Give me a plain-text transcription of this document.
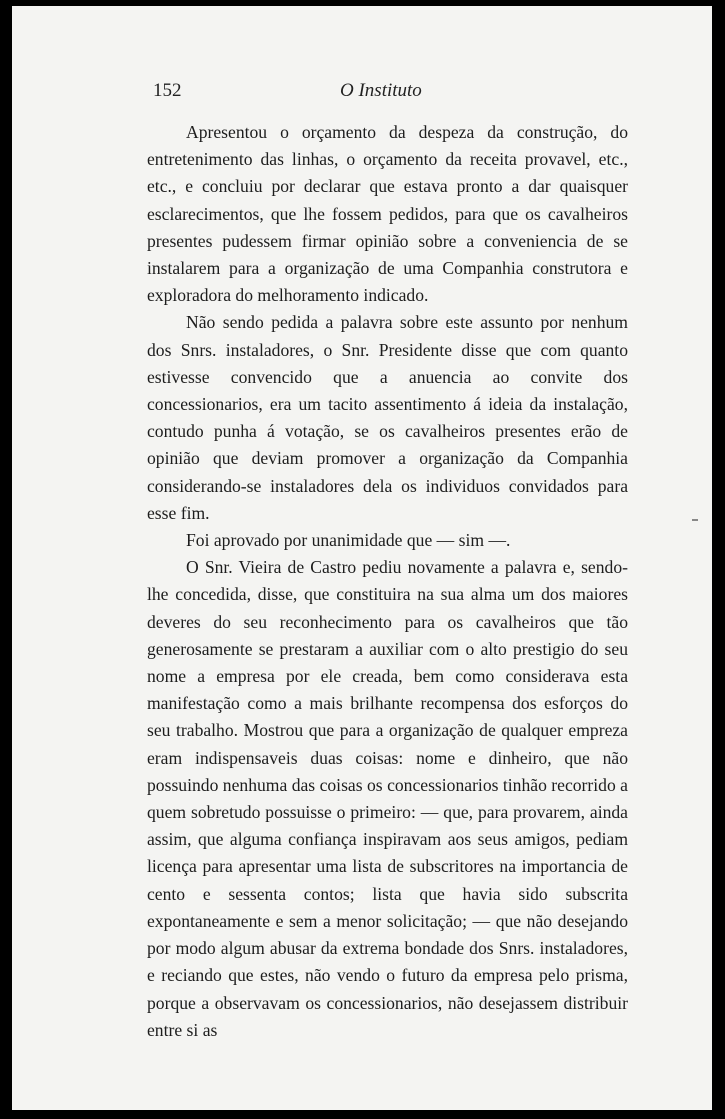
152	O Instituto

Apresentou o orçamento da despeza da construção, do entretenimento das linhas, o orçamento da receita provavel, etc., etc., e concluiu por declarar que estava pronto a dar quaisquer esclarecimentos, que lhe fossem pedidos, para que os cavalheiros presentes pudessem firmar opinião sobre a conveniencia de se instalarem para a organização de uma Companhia construtora e exploradora do melhoramento indicado.

Não sendo pedida a palavra sobre este assunto por nenhum dos Snrs. instaladores, o Snr. Presidente disse que com quanto estivesse convencido que a anuencia ao convite dos concessionarios, era um tacito assentimento á ideia da instalação, contudo punha á votação, se os cavalheiros presentes erão de opinião que deviam promover a organização da Companhia considerando-se instaladores dela os individuos convidados para esse fim.

Foi aprovado por unanimidade que — sim —.

O Snr. Vieira de Castro pediu novamente a palavra e, sendo-lhe concedida, disse, que constituira na sua alma um dos maiores deveres do seu reconhecimento para os cavalheiros que tão generosamente se prestaram a auxiliar com o alto prestigio do seu nome a empresa por ele creada, bem como considerava esta manifestação como a mais brilhante recompensa dos esforços do seu trabalho. Mostrou que para a organização de qualquer empreza eram indispensaveis duas coisas: nome e dinheiro, que não possuindo nenhuma das coisas os concessionarios tinhão recorrido a quem sobretudo possuisse o primeiro: — que, para provarem, ainda assim, que alguma confiança inspiravam aos seus amigos, pediam licença para apresentar uma lista de subscritores na importancia de cento e sessenta contos; lista que havia sido subscrita expontaneamente e sem a menor solicitação; — que não desejando por modo algum abusar da extrema bondade dos Snrs. instaladores, e reciando que estes, não vendo o futuro da empresa pelo prisma, porque a observavam os concessionarios, não desejassem distribuir entre si as
